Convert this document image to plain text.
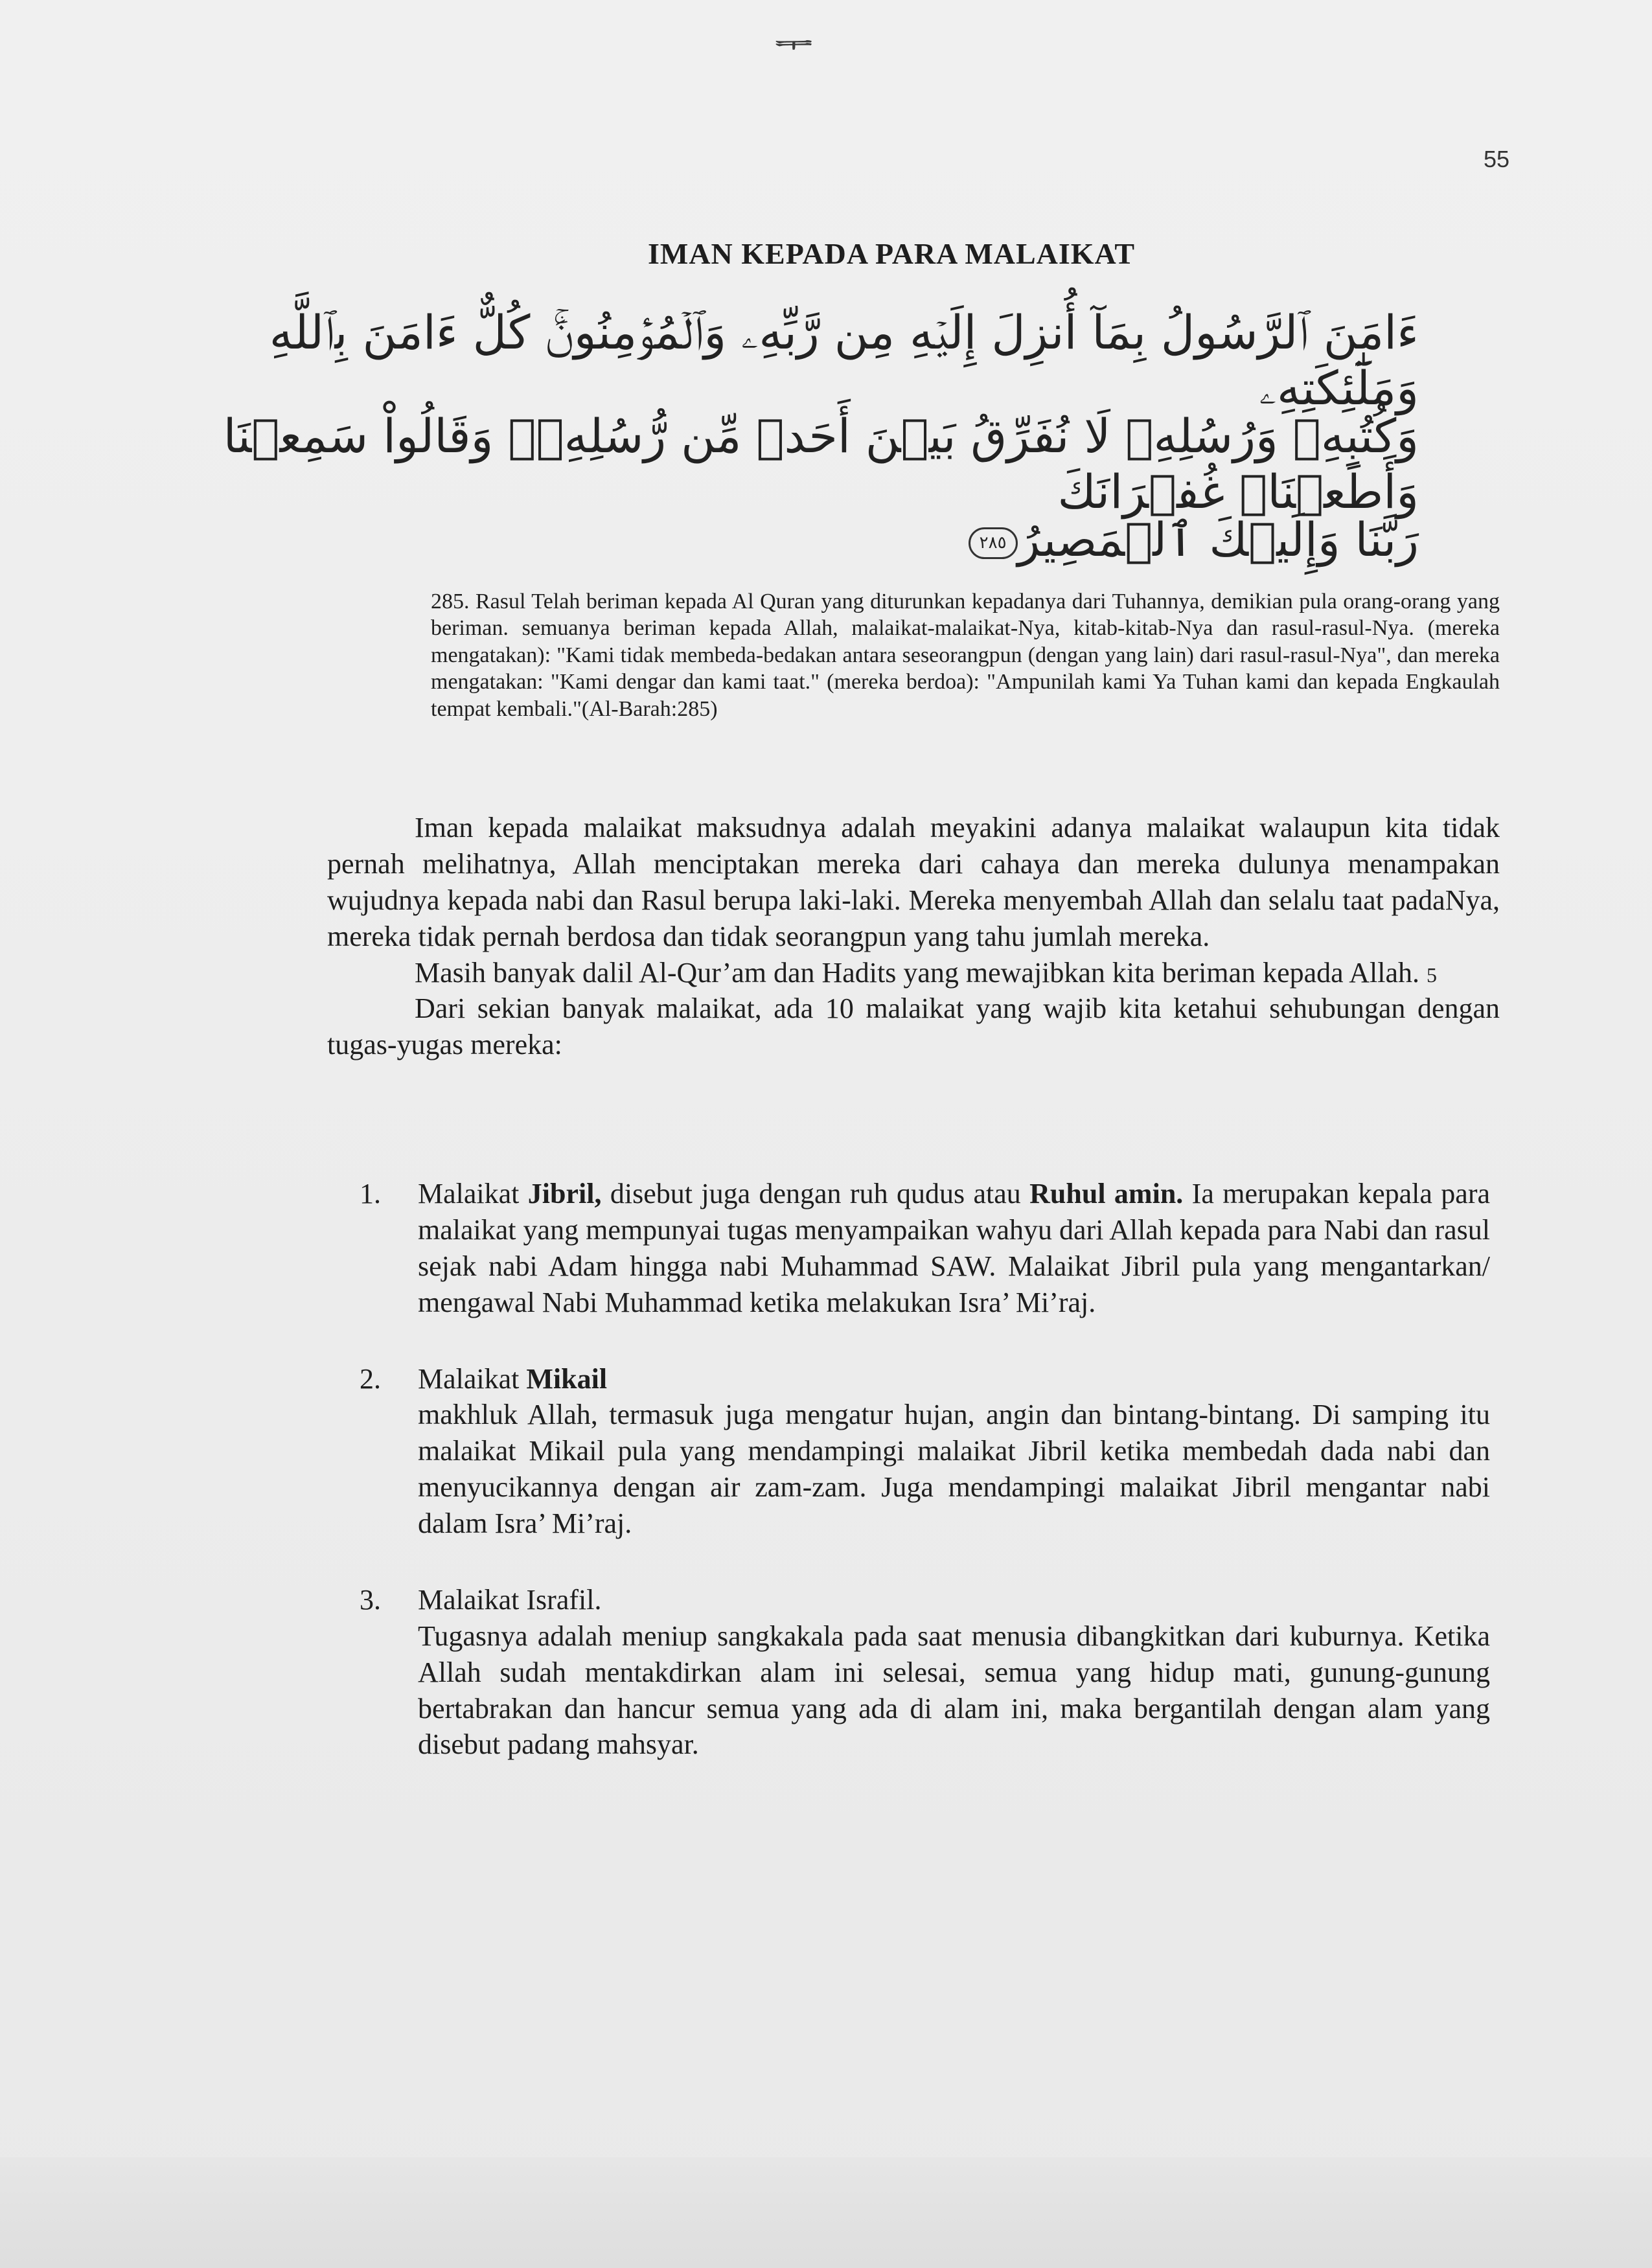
ᆍ
55
IMAN KEPADA PARA MALAIKAT
ءَامَنَ ٱلرَّسُولُ بِمَآ أُنزِلَ إِلَيۡهِ مِن رَّبِّهِۦ وَٱلۡمُؤۡمِنُونَۚ كُلٌّ ءَامَنَ بِٱللَّهِ وَمَلَٰٓئِكَتِهِۦ
وَكُتُبِهِۦ وَرُسُلِهِۦ لَا نُفَرِّقُ بَيۡنَ أَحَدٖ مِّن رُّسُلِهِۦۚ وَقَالُواْ سَمِعۡنَا وَأَطَعۡنَاۖ غُفۡرَانَكَ
رَبَّنَا وَإِلَيۡكَ ٱلۡمَصِيرُ٢٨٥

285. Rasul Telah beriman kepada Al Quran yang diturunkan kepadanya dari Tuhannya, demikian pula orang-orang yang beriman. semuanya beriman kepada Allah, malaikat-malaikat-Nya, kitab-kitab-Nya dan rasul-rasul-Nya. (mereka mengatakan): "Kami tidak membeda-bedakan antara seseorangpun (dengan yang lain) dari rasul-rasul-Nya", dan mereka mengatakan: "Kami dengar dan kami taat." (mereka berdoa): "Ampunilah kami Ya Tuhan kami dan kepada Engkaulah tempat kembali."(Al-Barah:285)

Iman kepada malaikat maksudnya adalah meyakini adanya malaikat walaupun kita tidak pernah melihatnya, Allah menciptakan mereka dari cahaya dan mereka dulunya menampakan wujudnya kepada nabi dan Rasul berupa laki-laki. Mereka menyembah Allah dan selalu taat padaNya, mereka tidak pernah berdosa dan tidak seorangpun yang tahu jumlah mereka.

Masih banyak dalil Al-Qur’am dan Hadits yang mewajibkan kita beriman kepada Allah. 5

Dari sekian banyak malaikat, ada 10 malaikat yang wajib kita ketahui sehubungan dengan tugas-yugas mereka:

1. Malaikat Jibril, disebut juga dengan ruh qudus atau Ruhul amin. Ia merupakan kepala para malaikat yang mempunyai tugas menyampaikan wahyu dari Allah kepada para Nabi dan rasul sejak nabi Adam hingga nabi Muhammad SAW. Malaikat Jibril pula yang mengantarkan/ mengawal Nabi Muhammad ketika melakukan Isra’ Mi’raj.

2. Malaikat Mikail

makhluk Allah, termasuk juga mengatur hujan, angin dan bintang-bintang. Di samping itu malaikat Mikail pula yang mendampingi malaikat Jibril ketika membedah dada nabi dan menyucikannya dengan air zam-zam. Juga mendampingi malaikat Jibril mengantar nabi dalam Isra’ Mi’raj.

3. Malaikat Israfil.

Tugasnya adalah meniup sangkakala pada saat menusia dibangkitkan dari kuburnya. Ketika Allah sudah mentakdirkan alam ini selesai, semua yang hidup mati, gunung-gunung bertabrakan dan hancur semua yang ada di alam ini, maka bergantilah dengan alam yang disebut padang mahsyar.
